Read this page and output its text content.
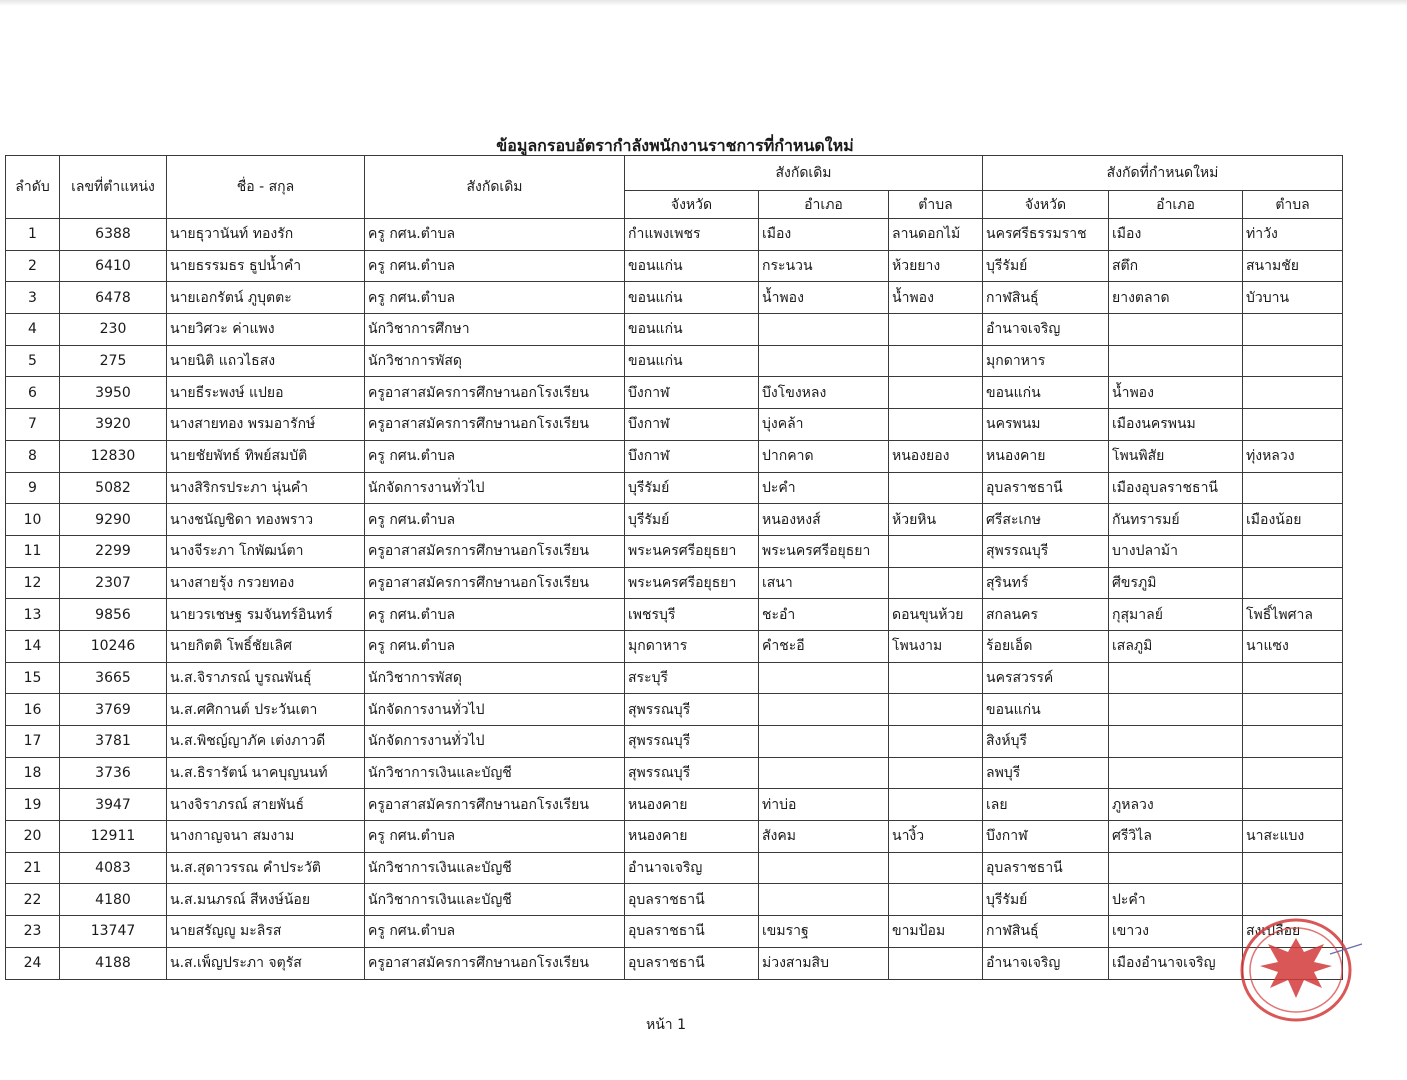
ข้อมูลกรอบอัตรากำลังพนักงานราชการที่กำหนดใหม่
ลำดับ	เลขที่ตำแหน่ง	ชื่อ - สกุล	สังกัดเดิม	สังกัดเดิม			สังกัดที่กำหนดใหม่		
				จังหวัด	อำเภอ	ตำบล	จังหวัด	อำเภอ	ตำบล
1	6388	นายธุวานันท์ ทองรัก	ครู กศน.ตำบล	กำแพงเพชร	เมือง	ลานดอกไม้	นครศรีธรรมราช	เมือง	ท่าวัง
2	6410	นายธรรมธร ธูปน้ำคำ	ครู กศน.ตำบล	ขอนแก่น	กระนวน	ห้วยยาง	บุรีรัมย์	สตึก	สนามชัย
3	6478	นายเอกรัตน์ ภูบุตตะ	ครู กศน.ตำบล	ขอนแก่น	น้ำพอง	น้ำพอง	กาฬสินธุ์	ยางตลาด	บัวบาน
4	230	นายวิศวะ ค่าแพง	นักวิชาการศึกษา	ขอนแก่น			อำนาจเจริญ		
5	275	นายนิติ แถวไธสง	นักวิชาการพัสดุ	ขอนแก่น			มุกดาหาร		
6	3950	นายธีระพงษ์ แปยอ	ครูอาสาสมัครการศึกษานอกโรงเรียน	บึงกาฬ	บึงโขงหลง		ขอนแก่น	น้ำพอง	
7	3920	นางสายทอง พรมอารักษ์	ครูอาสาสมัครการศึกษานอกโรงเรียน	บึงกาฬ	บุ่งคล้า		นครพนม	เมืองนครพนม	
8	12830	นายชัยพัทธ์ ทิพย์สมบัติ	ครู กศน.ตำบล	บึงกาฬ	ปากคาด	หนองยอง	หนองคาย	โพนพิสัย	ทุ่งหลวง
9	5082	นางสิริกรประภา นุ่นคำ	นักจัดการงานทั่วไป	บุรีรัมย์	ปะคำ		อุบลราชธานี	เมืองอุบลราชธานี	
10	9290	นางชนัญชิดา ทองพราว	ครู กศน.ตำบล	บุรีรัมย์	หนองหงส์	ห้วยหิน	ศรีสะเกษ	กันทรารมย์	เมืองน้อย
11	2299	นางจีระภา โกพัฒน์ตา	ครูอาสาสมัครการศึกษานอกโรงเรียน	พระนครศรีอยุธยา	พระนครศรีอยุธยา		สุพรรณบุรี	บางปลาม้า	
12	2307	นางสายรุ้ง กรวยทอง	ครูอาสาสมัครการศึกษานอกโรงเรียน	พระนครศรีอยุธยา	เสนา		สุรินทร์	ศีขรภูมิ	
13	9856	นายวรเชษฐ รมจันทร์อินทร์	ครู กศน.ตำบล	เพชรบุรี	ชะอำ	ดอนขุนห้วย	สกลนคร	กุสุมาลย์	โพธิ์ไพศาล
14	10246	นายกิตติ โพธิ์ชัยเลิศ	ครู กศน.ตำบล	มุกดาหาร	คำชะอี	โพนงาม	ร้อยเอ็ด	เสลภูมิ	นาแซง
15	3665	น.ส.จิราภรณ์ บูรณพันธุ์	นักวิชาการพัสดุ	สระบุรี			นครสวรรค์		
16	3769	น.ส.ศศิกานต์ ประวันเตา	นักจัดการงานทั่วไป	สุพรรณบุรี			ขอนแก่น		
17	3781	น.ส.พิชญ์ญาภัค เต่งภาวดี	นักจัดการงานทั่วไป	สุพรรณบุรี			สิงห์บุรี		
18	3736	น.ส.ธิรารัตน์ นาคบุญนนท์	นักวิชาการเงินและบัญชี	สุพรรณบุรี			ลพบุรี		
19	3947	นางจิราภรณ์ สายพันธ์	ครูอาสาสมัครการศึกษานอกโรงเรียน	หนองคาย	ท่าบ่อ		เลย	ภูหลวง	
20	12911	นางกาญจนา สมงาม	ครู กศน.ตำบล	หนองคาย	สังคม	นางิ้ว	บึงกาฬ	ศรีวิไล	นาสะแบง
21	4083	น.ส.สุดาวรรณ คำประวัติ	นักวิชาการเงินและบัญชี	อำนาจเจริญ			อุบลราชธานี		
22	4180	น.ส.มนภรณ์ สีหงษ์น้อย	นักวิชาการเงินและบัญชี	อุบลราชธานี			บุรีรัมย์	ปะคำ	
23	13747	นายสรัญญู มะลิรส	ครู กศน.ตำบล	อุบลราชธานี	เขมราฐ	ขามป้อม	กาฬสินธุ์	เขาวง	สงเปลือย
24	4188	น.ส.เพ็ญประภา จตุรัส	ครูอาสาสมัครการศึกษานอกโรงเรียน	อุบลราชธานี	ม่วงสามสิบ		อำนาจเจริญ	เมืองอำนาจเจริญ	
หน้า 1
